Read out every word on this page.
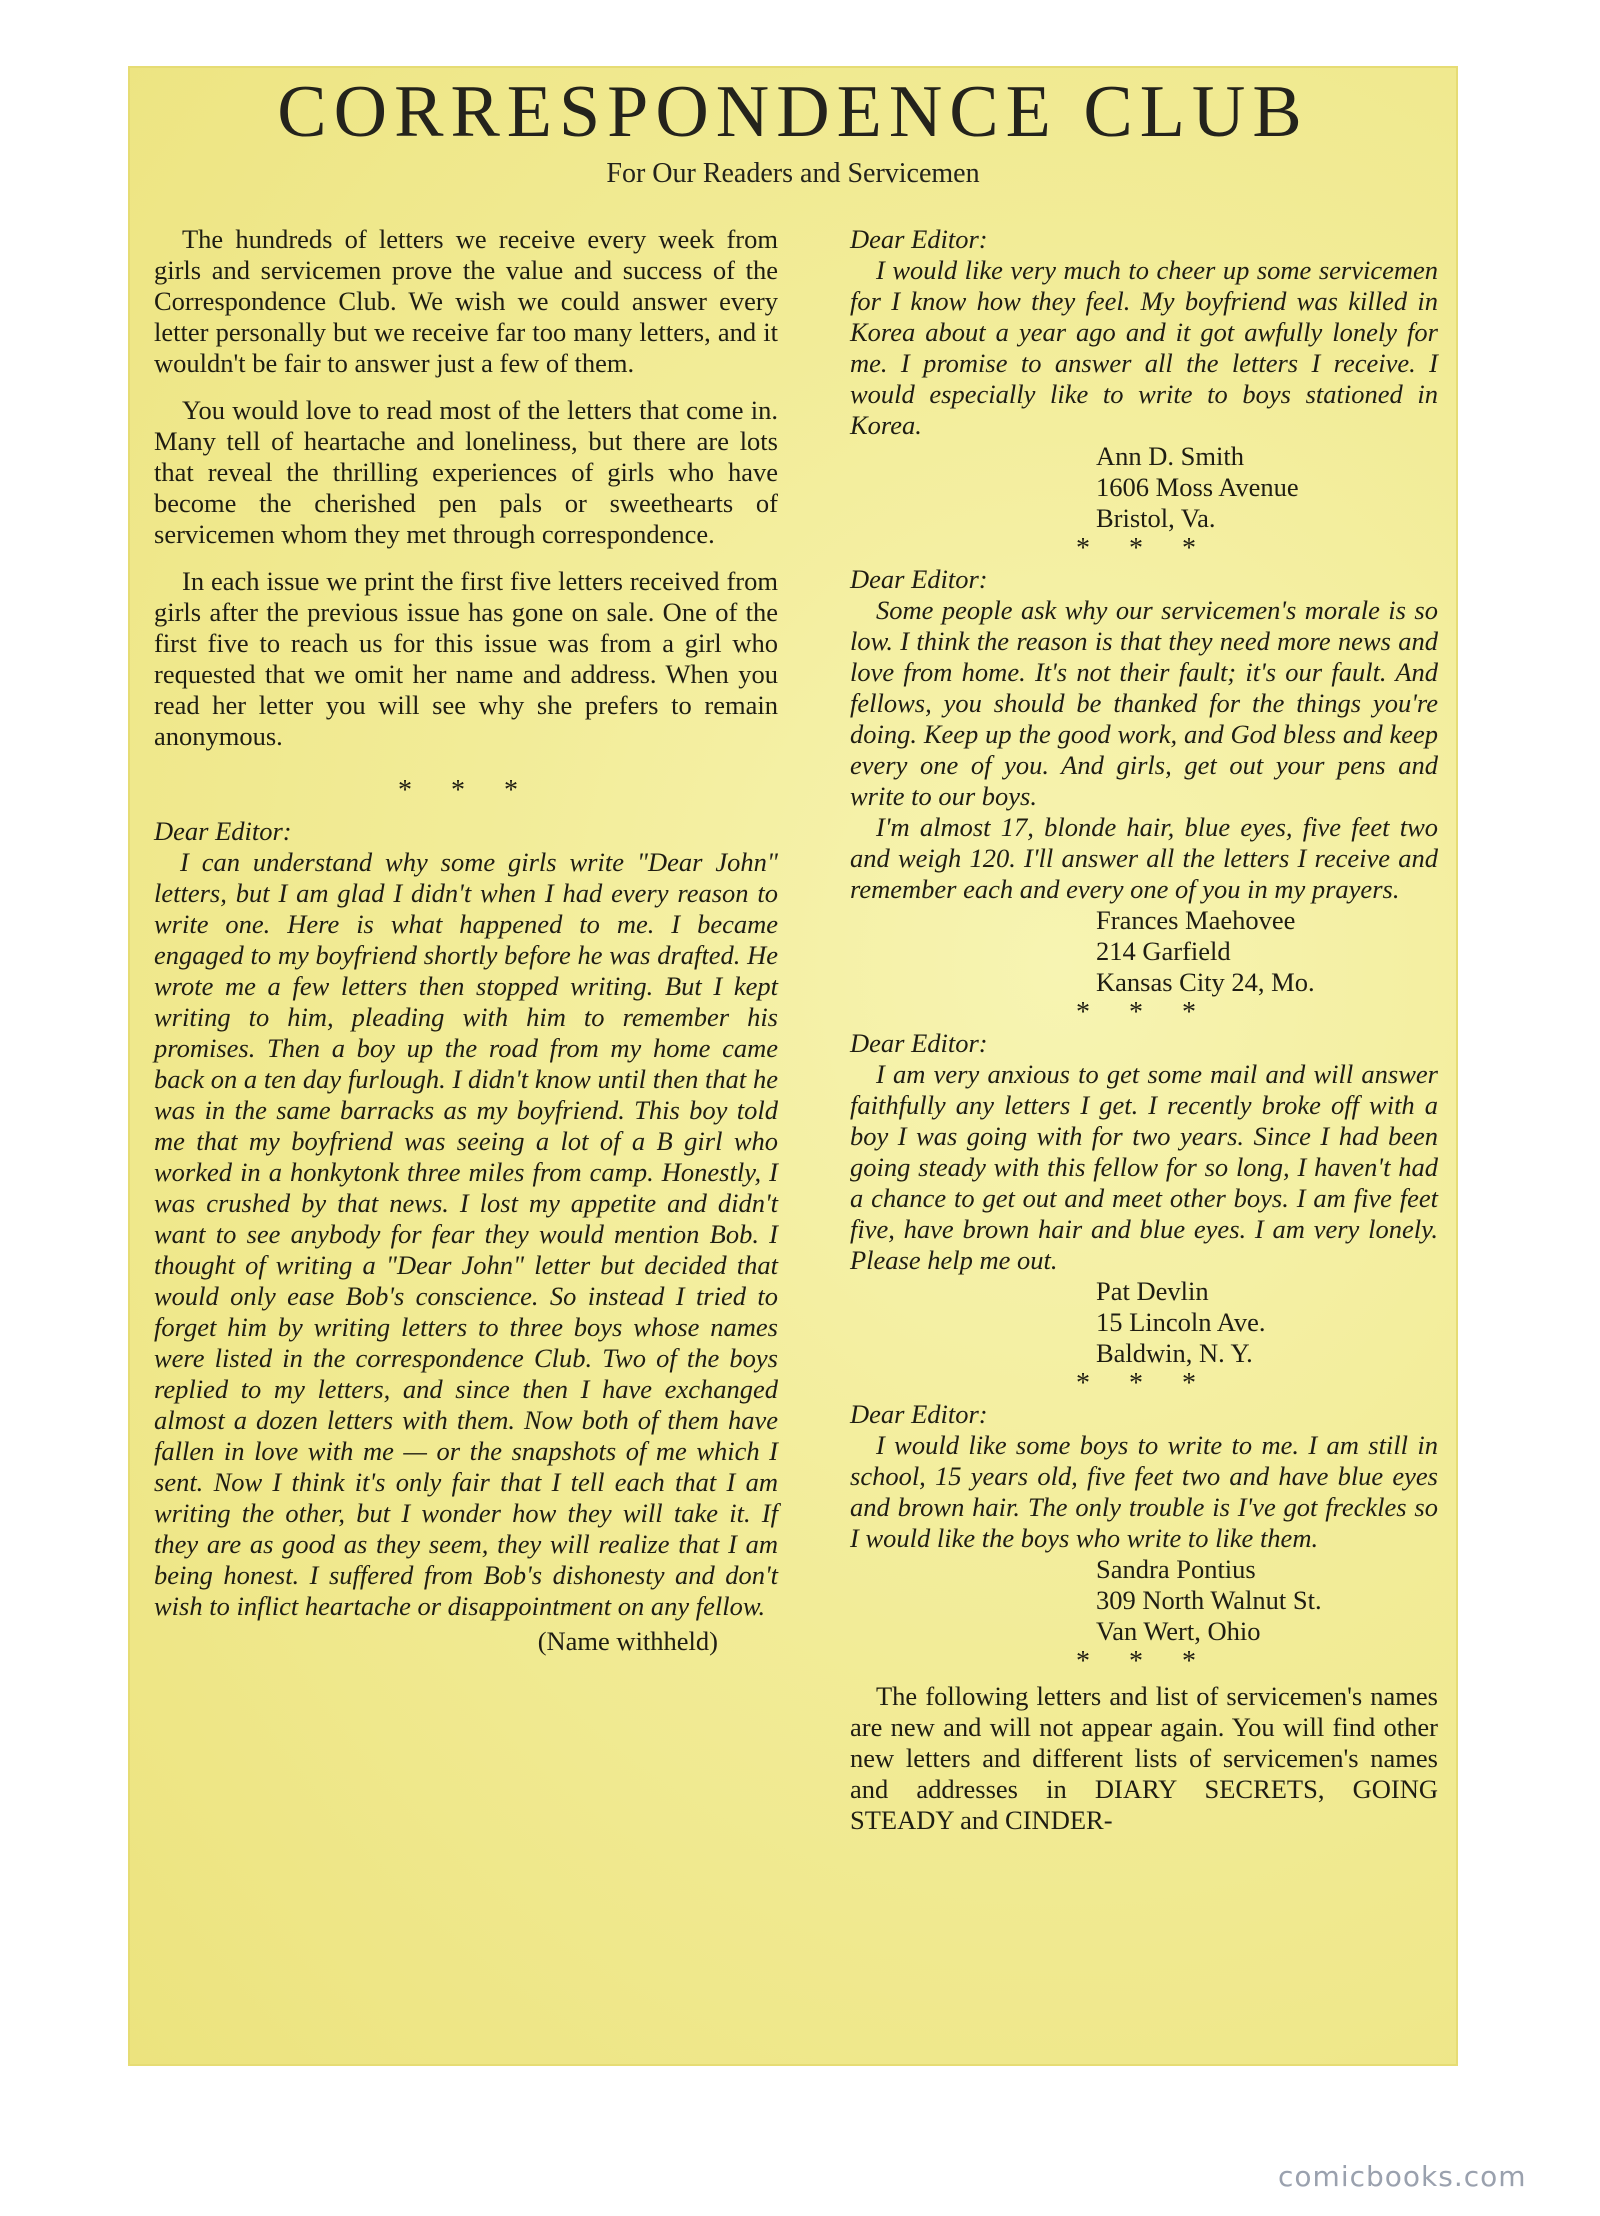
CORRESPONDENCE CLUB
For Our Readers and Servicemen

The hundreds of letters we receive every week from girls and servicemen prove the value and success of the Correspondence Club. We wish we could answer every letter personally but we receive far too many letters, and it wouldn't be fair to answer just a few of them.

You would love to read most of the letters that come in. Many tell of heartache and loneliness, but there are lots that reveal the thrilling experiences of girls who have become the cherished pen pals or sweethearts of servicemen whom they met through correspondence.

In each issue we print the first five letters received from girls after the previous issue has gone on sale. One of the first five to reach us for this issue was from a girl who requested that we omit her name and address. When you read her letter you will see why she prefers to remain anonymous.

* * *
Dear Editor:

I can understand why some girls write "Dear John" letters, but I am glad I didn't when I had every reason to write one. Here is what happened to me. I became engaged to my boyfriend shortly before he was drafted. He wrote me a few letters then stopped writing. But I kept writing to him, pleading with him to remember his promises. Then a boy up the road from my home came back on a ten day furlough. I didn't know until then that he was in the same barracks as my boyfriend. This boy told me that my boyfriend was seeing a lot of a B girl who worked in a honkytonk three miles from camp. Honestly, I was crushed by that news. I lost my appetite and didn't want to see anybody for fear they would mention Bob. I thought of writing a "Dear John" letter but decided that would only ease Bob's conscience. So instead I tried to forget him by writing letters to three boys whose names were listed in the correspondence Club. Two of the boys replied to my letters, and since then I have exchanged almost a dozen letters with them. Now both of them have fallen in love with me — or the snapshots of me which I sent. Now I think it's only fair that I tell each that I am writing the other, but I wonder how they will take it. If they are as good as they seem, they will realize that I am being honest. I suffered from Bob's dishonesty and don't wish to inflict heartache or disappointment on any fellow.

(Name withheld)
Dear Editor:

I would like very much to cheer up some servicemen for I know how they feel. My boyfriend was killed in Korea about a year ago and it got awfully lonely for me. I promise to answer all the letters I receive. I would especially like to write to boys stationed in Korea.

Ann D. Smith
1606 Moss Avenue
Bristol, Va.
* * *
Dear Editor:

Some people ask why our servicemen's morale is so low. I think the reason is that they need more news and love from home. It's not their fault; it's our fault. And fellows, you should be thanked for the things you're doing. Keep up the good work, and God bless and keep every one of you. And girls, get out your pens and write to our boys.

I'm almost 17, blonde hair, blue eyes, five feet two and weigh 120. I'll answer all the letters I receive and remember each and every one of you in my prayers.

Frances Maehovee
214 Garfield
Kansas City 24, Mo.
* * *
Dear Editor:

I am very anxious to get some mail and will answer faithfully any letters I get. I recently broke off with a boy I was going with for two years. Since I had been going steady with this fellow for so long, I haven't had a chance to get out and meet other boys. I am five feet five, have brown hair and blue eyes. I am very lonely. Please help me out.

Pat Devlin
15 Lincoln Ave.
Baldwin, N. Y.
* * *
Dear Editor:

I would like some boys to write to me. I am still in school, 15 years old, five feet two and have blue eyes and brown hair. The only trouble is I've got freckles so I would like the boys who write to like them.

Sandra Pontius
309 North Walnut St.
Van Wert, Ohio
* * *

The following letters and list of servicemen's names are new and will not appear again. You will find other new letters and different lists of servicemen's names and addresses in DIARY SECRETS, GOING STEADY and CINDER-

comicbooks.com
